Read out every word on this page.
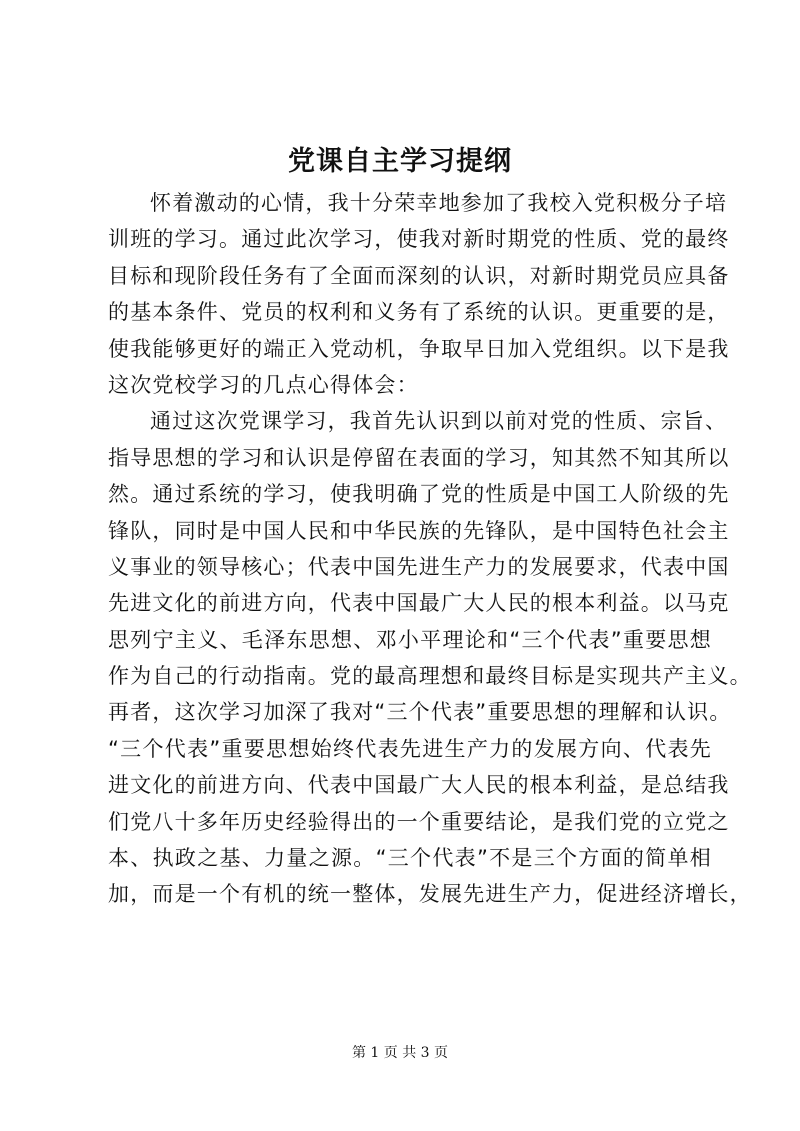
党课自主学习提纲
怀着激动的心情，我十分荣幸地参加了我校入党积极分子培
训班的学习。通过此次学习，使我对新时期党的性质、党的最终
目标和现阶段任务有了全面而深刻的认识，对新时期党员应具备
的基本条件、党员的权利和义务有了系统的认识。更重要的是，
使我能够更好的端正入党动机，争取早日加入党组织。以下是我
这次党校学习的几点心得体会：
通过这次党课学习，我首先认识到以前对党的性质、宗旨、
指导思想的学习和认识是停留在表面的学习，知其然不知其所以
然。通过系统的学习，使我明确了党的性质是中国工人阶级的先
锋队，同时是中国人民和中华民族的先锋队，是中国特色社会主
义事业的领导核心；代表中国先进生产力的发展要求，代表中国
先进文化的前进方向，代表中国最广大人民的根本利益。以马克
思列宁主义、毛泽东思想、邓小平理论和“三个代表”重要思想
作为自己的行动指南。党的最高理想和最终目标是实现共产主义。
再者，这次学习加深了我对“三个代表”重要思想的理解和认识。
“三个代表”重要思想始终代表先进生产力的发展方向、代表先
进文化的前进方向、代表中国最广大人民的根本利益，是总结我
们党八十多年历史经验得出的一个重要结论，是我们党的立党之
本、执政之基、力量之源。“三个代表”不是三个方面的简单相
加，而是一个有机的统一整体，发展先进生产力，促进经济增长，
第 1 页 共 3 页
